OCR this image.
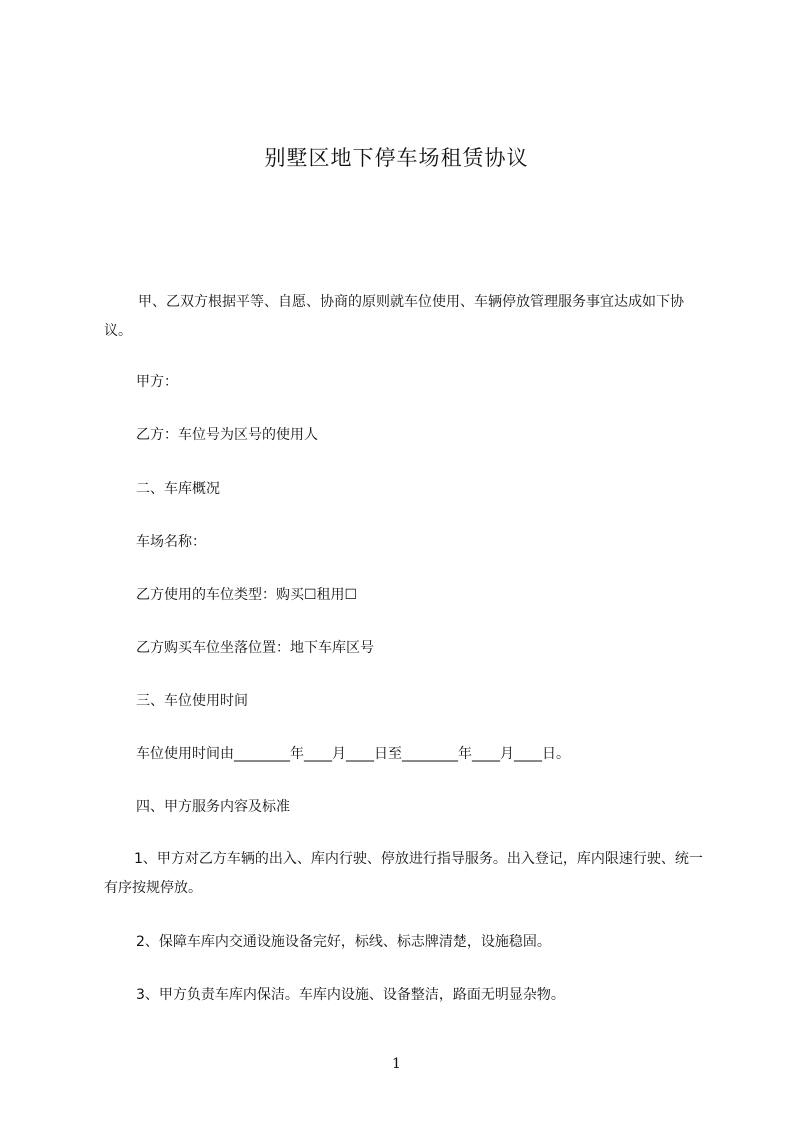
别墅区地下停车场租赁协议
甲、乙双方根据平等、自愿、协商的原则就车位使用、车辆停放管理服务事宜达成如下协议。
甲方：
乙方：车位号为区号的使用人
二、车库概况
车场名称：
乙方使用的车位类型：购买☐租用☐
乙方购买车位坐落位置：地下车库区号
三、车位使用时间
车位使用时间由________年____月____日至________年____月____日。
四、甲方服务内容及标准
1、甲方对乙方车辆的出入、库内行驶、停放进行指导服务。出入登记，库内限速行驶、统一有序按规停放。
2、保障车库内交通设施设备完好，标线、标志牌清楚，设施稳固。
3、甲方负责车库内保洁。车库内设施、设备整洁，路面无明显杂物。
1
